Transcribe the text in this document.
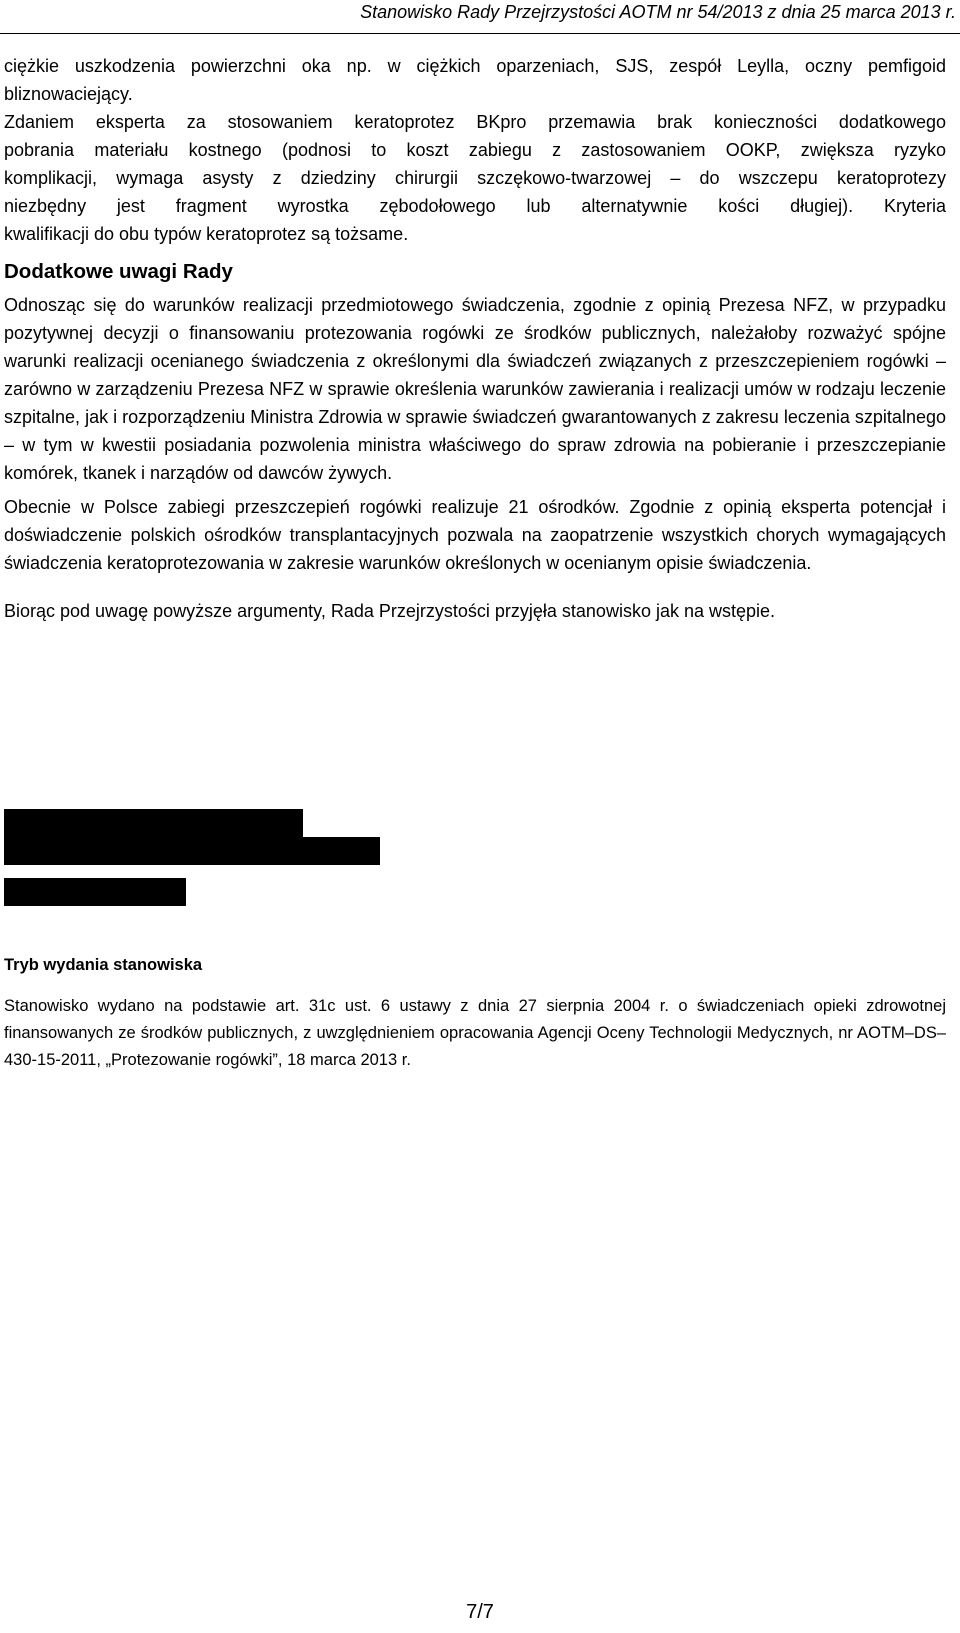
Stanowisko Rady Przejrzystości AOTM nr 54/2013 z dnia 25 marca 2013 r.

ciężkie uszkodzenia powierzchni oka np. w ciężkich oparzeniach, SJS, zespół Leylla, oczny pemfigoid

bliznowaciejący.

Zdaniem eksperta za stosowaniem keratoprotez BKpro przemawia brak konieczności dodatkowego

pobrania materiału kostnego (podnosi to koszt zabiegu z zastosowaniem OOKP, zwiększa ryzyko

komplikacji, wymaga asysty z dziedziny chirurgii szczękowo-twarzowej – do wszczepu keratoprotezy

niezbędny jest fragment wyrostka zębodołowego lub alternatywnie kości długiej). Kryteria

kwalifikacji do obu typów keratoprotez są tożsame.

Dodatkowe uwagi Rady

Odnosząc się do warunków realizacji przedmiotowego świadczenia, zgodnie z opinią Prezesa NFZ, w przypadku pozytywnej decyzji o finansowaniu protezowania rogówki ze środków publicznych, należałoby rozważyć spójne warunki realizacji ocenianego świadczenia z określonymi dla świadczeń związanych z przeszczepieniem rogówki – zarówno w zarządzeniu Prezesa NFZ w sprawie określenia warunków zawierania i realizacji umów w rodzaju leczenie szpitalne, jak i rozporządzeniu Ministra Zdrowia w sprawie świadczeń gwarantowanych z zakresu leczenia szpitalnego – w tym w kwestii posiadania pozwolenia ministra właściwego do spraw zdrowia na pobieranie i przeszczepianie komórek, tkanek i narządów od dawców żywych.

Obecnie w Polsce zabiegi przeszczepień rogówki realizuje 21 ośrodków. Zgodnie z opinią eksperta potencjał i doświadczenie polskich ośrodków transplantacyjnych pozwala na zaopatrzenie wszystkich chorych wymagających świadczenia keratoprotezowania w zakresie warunków określonych w ocenianym opisie świadczenia.

Biorąc pod uwagę powyższe argumenty, Rada Przejrzystości przyjęła stanowisko jak na wstępie.

Tryb wydania stanowiska
Stanowisko wydano na podstawie art. 31c ust. 6 ustawy z dnia 27 sierpnia 2004 r. o świadczeniach opieki zdrowotnej finansowanych ze środków publicznych, z uwzględnieniem opracowania Agencji Oceny Technologii Medycznych, nr AOTM–DS–430-15-2011, „Protezowanie rogówki”, 18 marca 2013 r.
7/7
